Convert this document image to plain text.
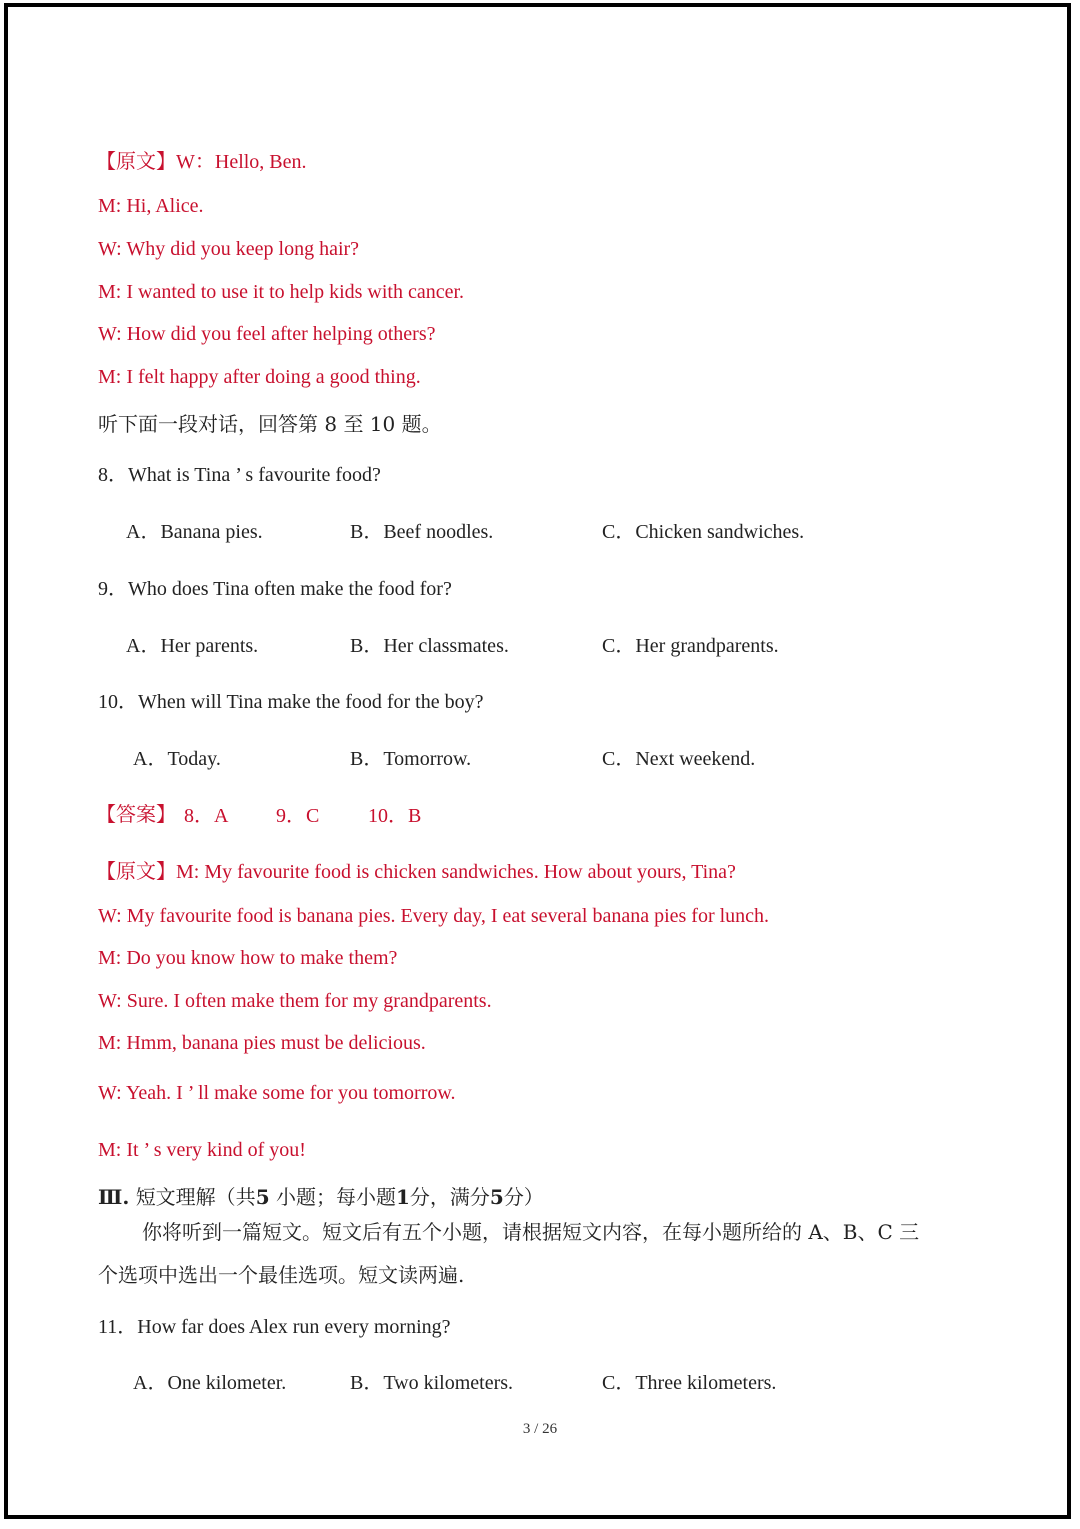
【原文】W：Hello, Ben.
M: Hi, Alice.
W: Why did you keep long hair?
M: I wanted to use it to help kids with cancer.
W: How did you feel after helping others?
M: I felt happy after doing a good thing.
听下面一段对话，回答第 8 至 10 题。
8．What is Tina ’ s favourite food?
A．Banana pies.	B．Beef noodles.	C．Chicken sandwiches.
9．Who does Tina often make the food for?
A．Her parents.	B．Her classmates.	C．Her grandparents.
10．When will Tina make the food for the boy?
A．Today.	B．Tomorrow.	C．Next weekend.
【答案】 8．A 9．C 10．B
【原文】M: My favourite food is chicken sandwiches. How about yours, Tina?
W: My favourite food is banana pies. Every day, I eat several banana pies for lunch.
M: Do you know how to make them?
W: Sure. I often make them for my grandparents.
M: Hmm, banana pies must be delicious.
W: Yeah. I ’ ll make some for you tomorrow.
M: It ’ s very kind of you!
Ⅲ. 短文理解（共5 小题；每小题1分，满分5分）
你将听到一篇短文。短文后有五个小题，请根据短文内容，在每小题所给的 A、B、C 三
个选项中选出一个最佳选项。短文读两遍.
11．How far does Alex run every morning?
A．One kilometer.	B．Two kilometers.	C．Three kilometers.
3 / 26
